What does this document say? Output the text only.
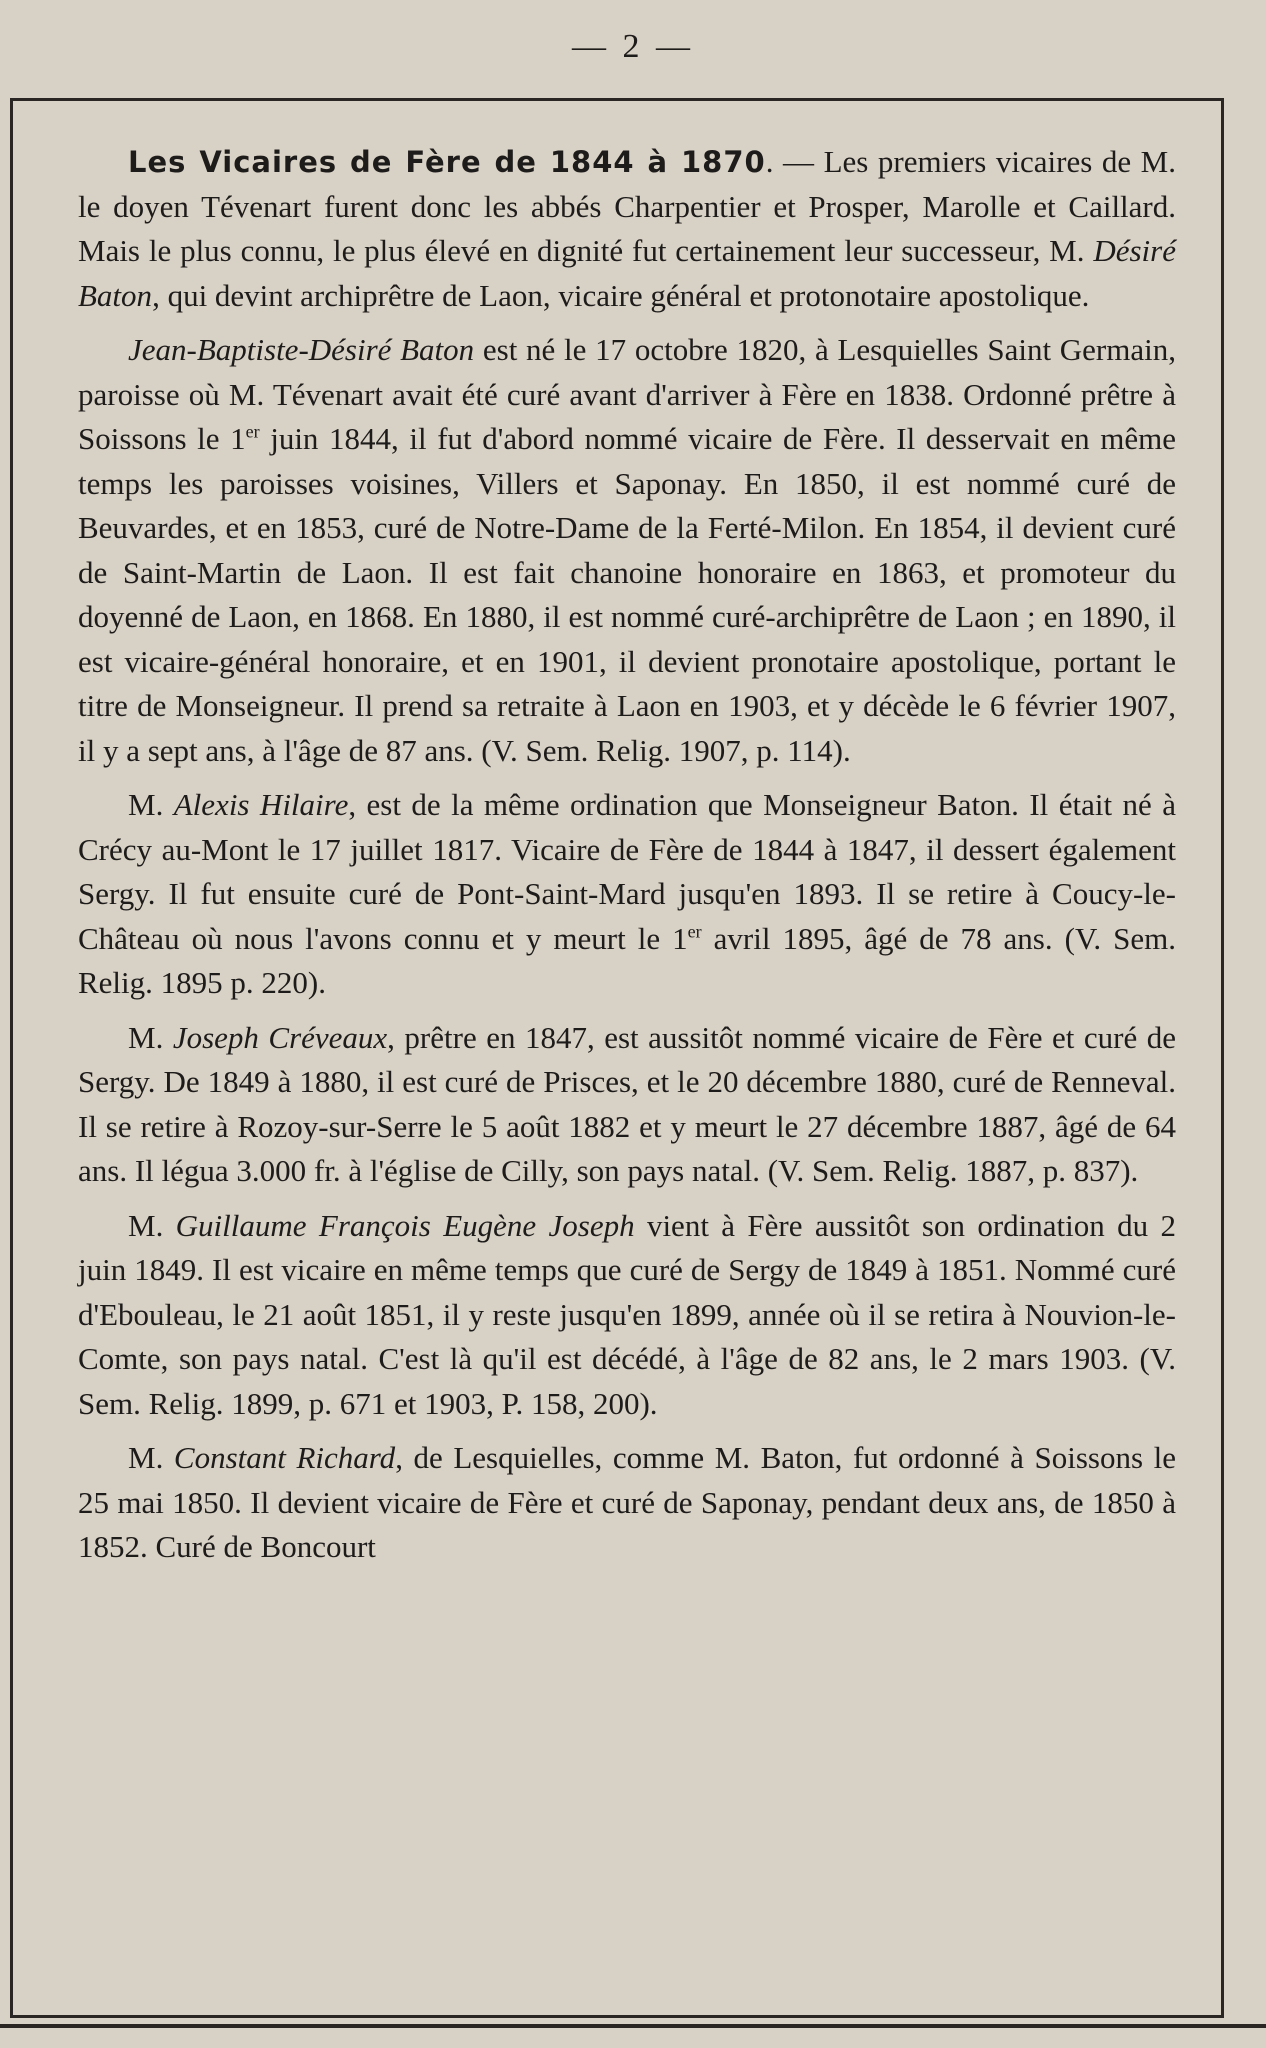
— 2 —

Les Vicaires de Fère de 1844 à 1870. — Les premiers vicaires de M. le doyen Tévenart furent donc les abbés Charpentier et Prosper, Marolle et Caillard. Mais le plus connu, le plus élevé en dignité fut certainement leur successeur, M. Désiré Baton, qui devint archiprêtre de Laon, vicaire général et protonotaire apostolique.

Jean-Baptiste-Désiré Baton est né le 17 octobre 1820, à Lesquielles Saint Germain, paroisse où M. Tévenart avait été curé avant d'arriver à Fère en 1838. Ordonné prêtre à Soissons le 1er juin 1844, il fut d'abord nommé vicaire de Fère. Il desservait en même temps les paroisses voisines, Villers et Saponay. En 1850, il est nommé curé de Beuvardes, et en 1853, curé de Notre-Dame de la Ferté-Milon. En 1854, il devient curé de Saint-Martin de Laon. Il est fait chanoine honoraire en 1863, et promoteur du doyenné de Laon, en 1868. En 1880, il est nommé curé-archiprêtre de Laon ; en 1890, il est vicaire-général honoraire, et en 1901, il devient pronotaire apostolique, portant le titre de Monseigneur. Il prend sa retraite à Laon en 1903, et y décède le 6 février 1907, il y a sept ans, à l'âge de 87 ans. (V. Sem. Relig. 1907, p. 114).

M. Alexis Hilaire, est de la même ordination que Monseigneur Baton. Il était né à Crécy au-Mont le 17 juillet 1817. Vicaire de Fère de 1844 à 1847, il dessert également Sergy. Il fut ensuite curé de Pont-Saint-Mard jusqu'en 1893. Il se retire à Coucy-le-Château où nous l'avons connu et y meurt le 1er avril 1895, âgé de 78 ans. (V. Sem. Relig. 1895 p. 220).

M. Joseph Créveaux, prêtre en 1847, est aussitôt nommé vicaire de Fère et curé de Sergy. De 1849 à 1880, il est curé de Prisces, et le 20 décembre 1880, curé de Renneval. Il se retire à Rozoy-sur-Serre le 5 août 1882 et y meurt le 27 décembre 1887, âgé de 64 ans. Il légua 3.000 fr. à l'église de Cilly, son pays natal. (V. Sem. Relig. 1887, p. 837).

M. Guillaume François Eugène Joseph vient à Fère aussitôt son ordination du 2 juin 1849. Il est vicaire en même temps que curé de Sergy de 1849 à 1851. Nommé curé d'Ebouleau, le 21 août 1851, il y reste jusqu'en 1899, année où il se retira à Nouvion-le-Comte, son pays natal. C'est là qu'il est décédé, à l'âge de 82 ans, le 2 mars 1903. (V. Sem. Relig. 1899, p. 671 et 1903, P. 158, 200).

M. Constant Richard, de Lesquielles, comme M. Baton, fut ordonné à Soissons le 25 mai 1850. Il devient vicaire de Fère et curé de Saponay, pendant deux ans, de 1850 à 1852. Curé de Boncourt
